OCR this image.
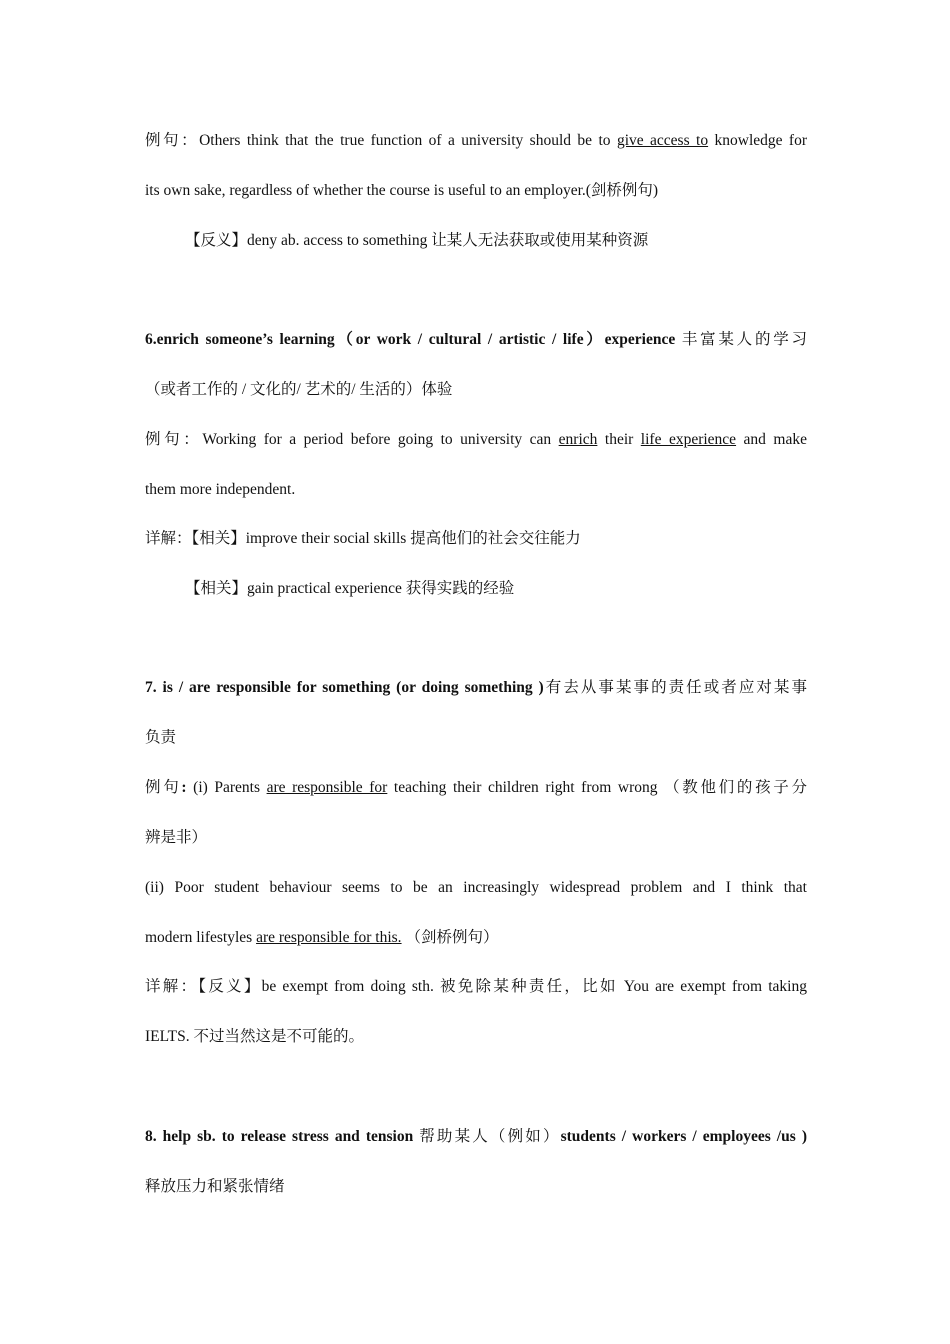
例句：Others think that the true function of a university should be to give access to knowledge for
its own sake, regardless of whether the course is useful to an employer.(剑桥例句)
【反义】deny ab. access to something 让某人无法获取或使用某种资源
6.enrich someone’s learning（or work / cultural / artistic / life）experience 丰富某人的学习
（或者工作的 / 文化的/ 艺术的/ 生活的）体验
例句：Working for a period before going to university can enrich their life experience and make
them more independent.
详解：【相关】improve their social skills 提高他们的社会交往能力
【相关】gain practical experience 获得实践的经验
7. is / are responsible for something (or doing something )有去从事某事的责任或者应对某事
负责
例句: (i) Parents are responsible for teaching their children right from wrong （教他们的孩子分
辨是非）
(ii) Poor student behaviour seems to be an increasingly widespread problem and I think that
modern lifestyles are responsible for this. （剑桥例句）
详解：【反义】be exempt from doing sth. 被免除某种责任，比如 You are exempt from taking
IELTS. 不过当然这是不可能的。
8. help sb. to release stress and tension 帮助某人（例如）students / workers / employees /us )
释放压力和紧张情绪
